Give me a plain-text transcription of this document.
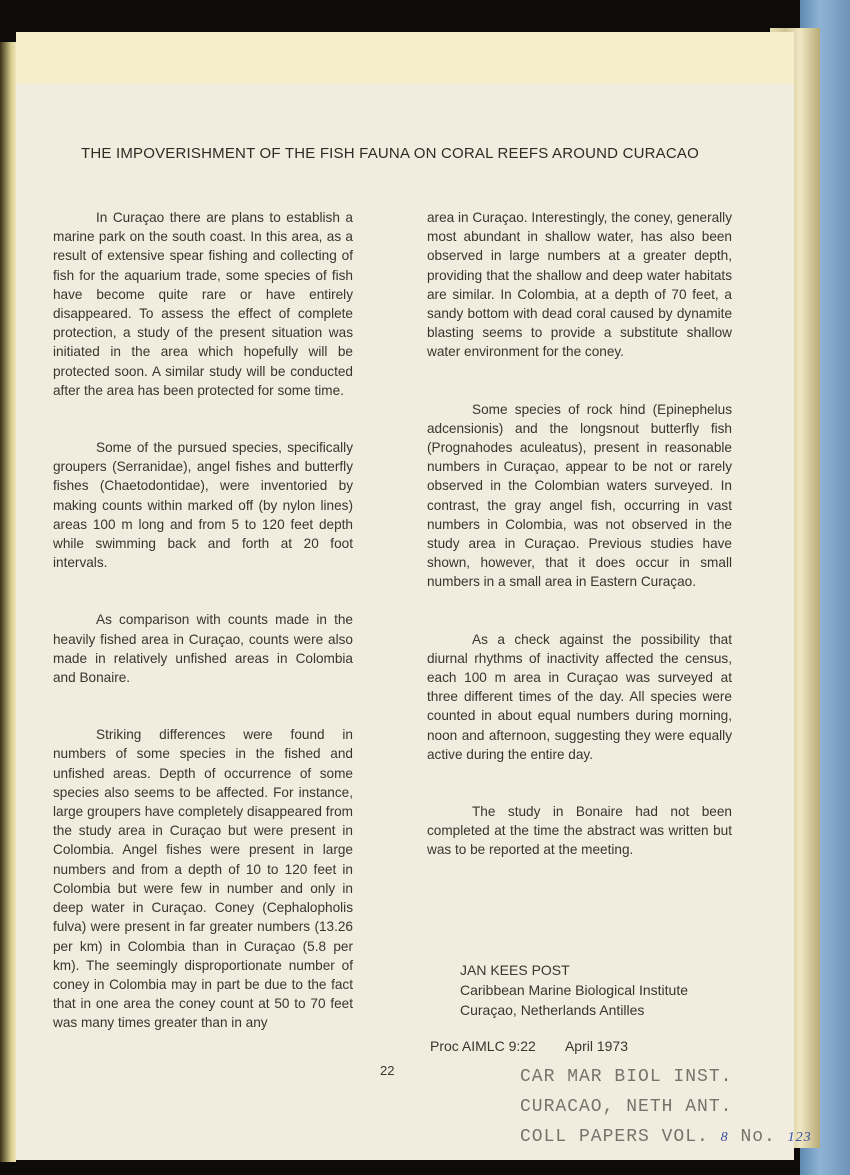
THE IMPOVERISHMENT OF THE FISH FAUNA ON CORAL REEFS AROUND CURACAO

In Curaçao there are plans to establish a marine park on the south coast. In this area, as a result of extensive spear fishing and collecting of fish for the aquarium trade, some species of fish have become quite rare or have entirely disappeared. To assess the effect of complete protection, a study of the present situation was initiated in the area which hopefully will be protected soon. A similar study will be conducted after the area has been protected for some time.

Some of the pursued species, specifically groupers (Serranidae), angel fishes and butterfly fishes (Chaetodontidae), were inventoried by making counts within marked off (by nylon lines) areas 100 m long and from 5 to 120 feet depth while swimming back and forth at 20 foot intervals.

As comparison with counts made in the heavily fished area in Curaçao, counts were also made in relatively unfished areas in Colombia and Bonaire.

Striking differences were found in numbers of some species in the fished and unfished areas. Depth of occurrence of some species also seems to be affected. For instance, large groupers have completely disappeared from the study area in Curaçao but were present in Colombia. Angel fishes were present in large numbers and from a depth of 10 to 120 feet in Colombia but were few in number and only in deep water in Curaçao. Coney (Cephalopholis fulva) were present in far greater numbers (13.26 per km) in Colombia than in Curaçao (5.8 per km). The seemingly disproportionate number of coney in Colombia may in part be due to the fact that in one area the coney count at 50 to 70 feet was many times greater than in any

area in Curaçao. Interestingly, the coney, generally most abundant in shallow water, has also been observed in large numbers at a greater depth, providing that the shallow and deep water habitats are similar. In Colombia, at a depth of 70 feet, a sandy bottom with dead coral caused by dynamite blasting seems to provide a substitute shallow water environment for the coney.

Some species of rock hind (Epinephelus adcensionis) and the longsnout butterfly fish (Prognahodes aculeatus), present in reasonable numbers in Curaçao, appear to be not or rarely observed in the Colombian waters surveyed. In contrast, the gray angel fish, occurring in vast numbers in Colombia, was not observed in the study area in Curaçao. Previous studies have shown, however, that it does occur in small numbers in a small area in Eastern Curaçao.

As a check against the possibility that diurnal rhythms of inactivity affected the census, each 100 m area in Curaçao was surveyed at three different times of the day. All species were counted in about equal numbers during morning, noon and afternoon, suggesting they were equally active during the entire day.

The study in Bonaire had not been completed at the time the abstract was written but was to be reported at the meeting.

JAN KEES POST
Caribbean Marine Biological Institute
Curaçao, Netherlands Antilles
Proc AIMLC 9:22 April 1973
22	CAR MAR BIOL INST.
CURACAO, NETH ANT.
COLL PAPERS VOL. 8 No. 123
